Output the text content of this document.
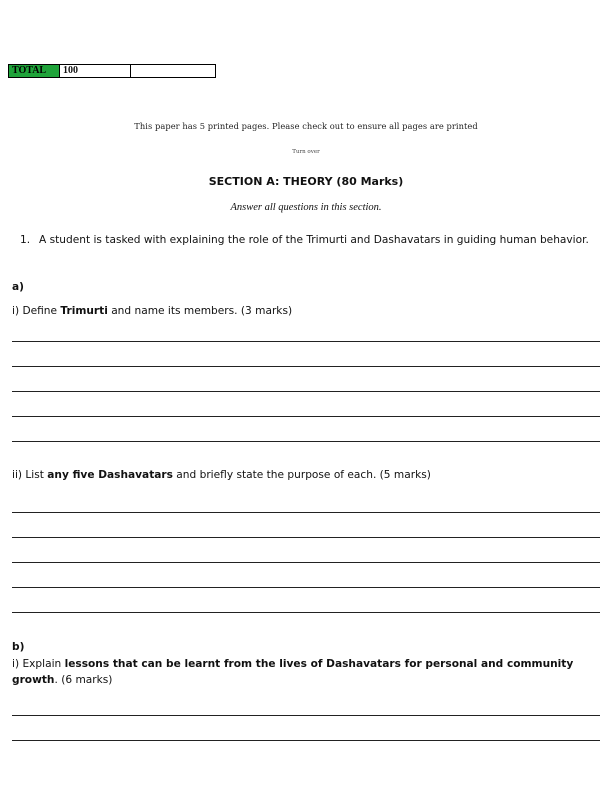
TOTAL	100	
This paper has 5 printed pages. Please check out to ensure all pages are printed
Turn over
SECTION A: THEORY (80 Marks)
Answer all questions in this section.
1. A student is tasked with explaining the role of the Trimurti and Dashavatars in guiding human behavior.
a)
i) Define Trimurti and name its members. (3 marks)
ii) List any five Dashavatars and briefly state the purpose of each. (5 marks)
b)
i) Explain lessons that can be learnt from the lives of Dashavatars for personal and community growth. (6 marks)
